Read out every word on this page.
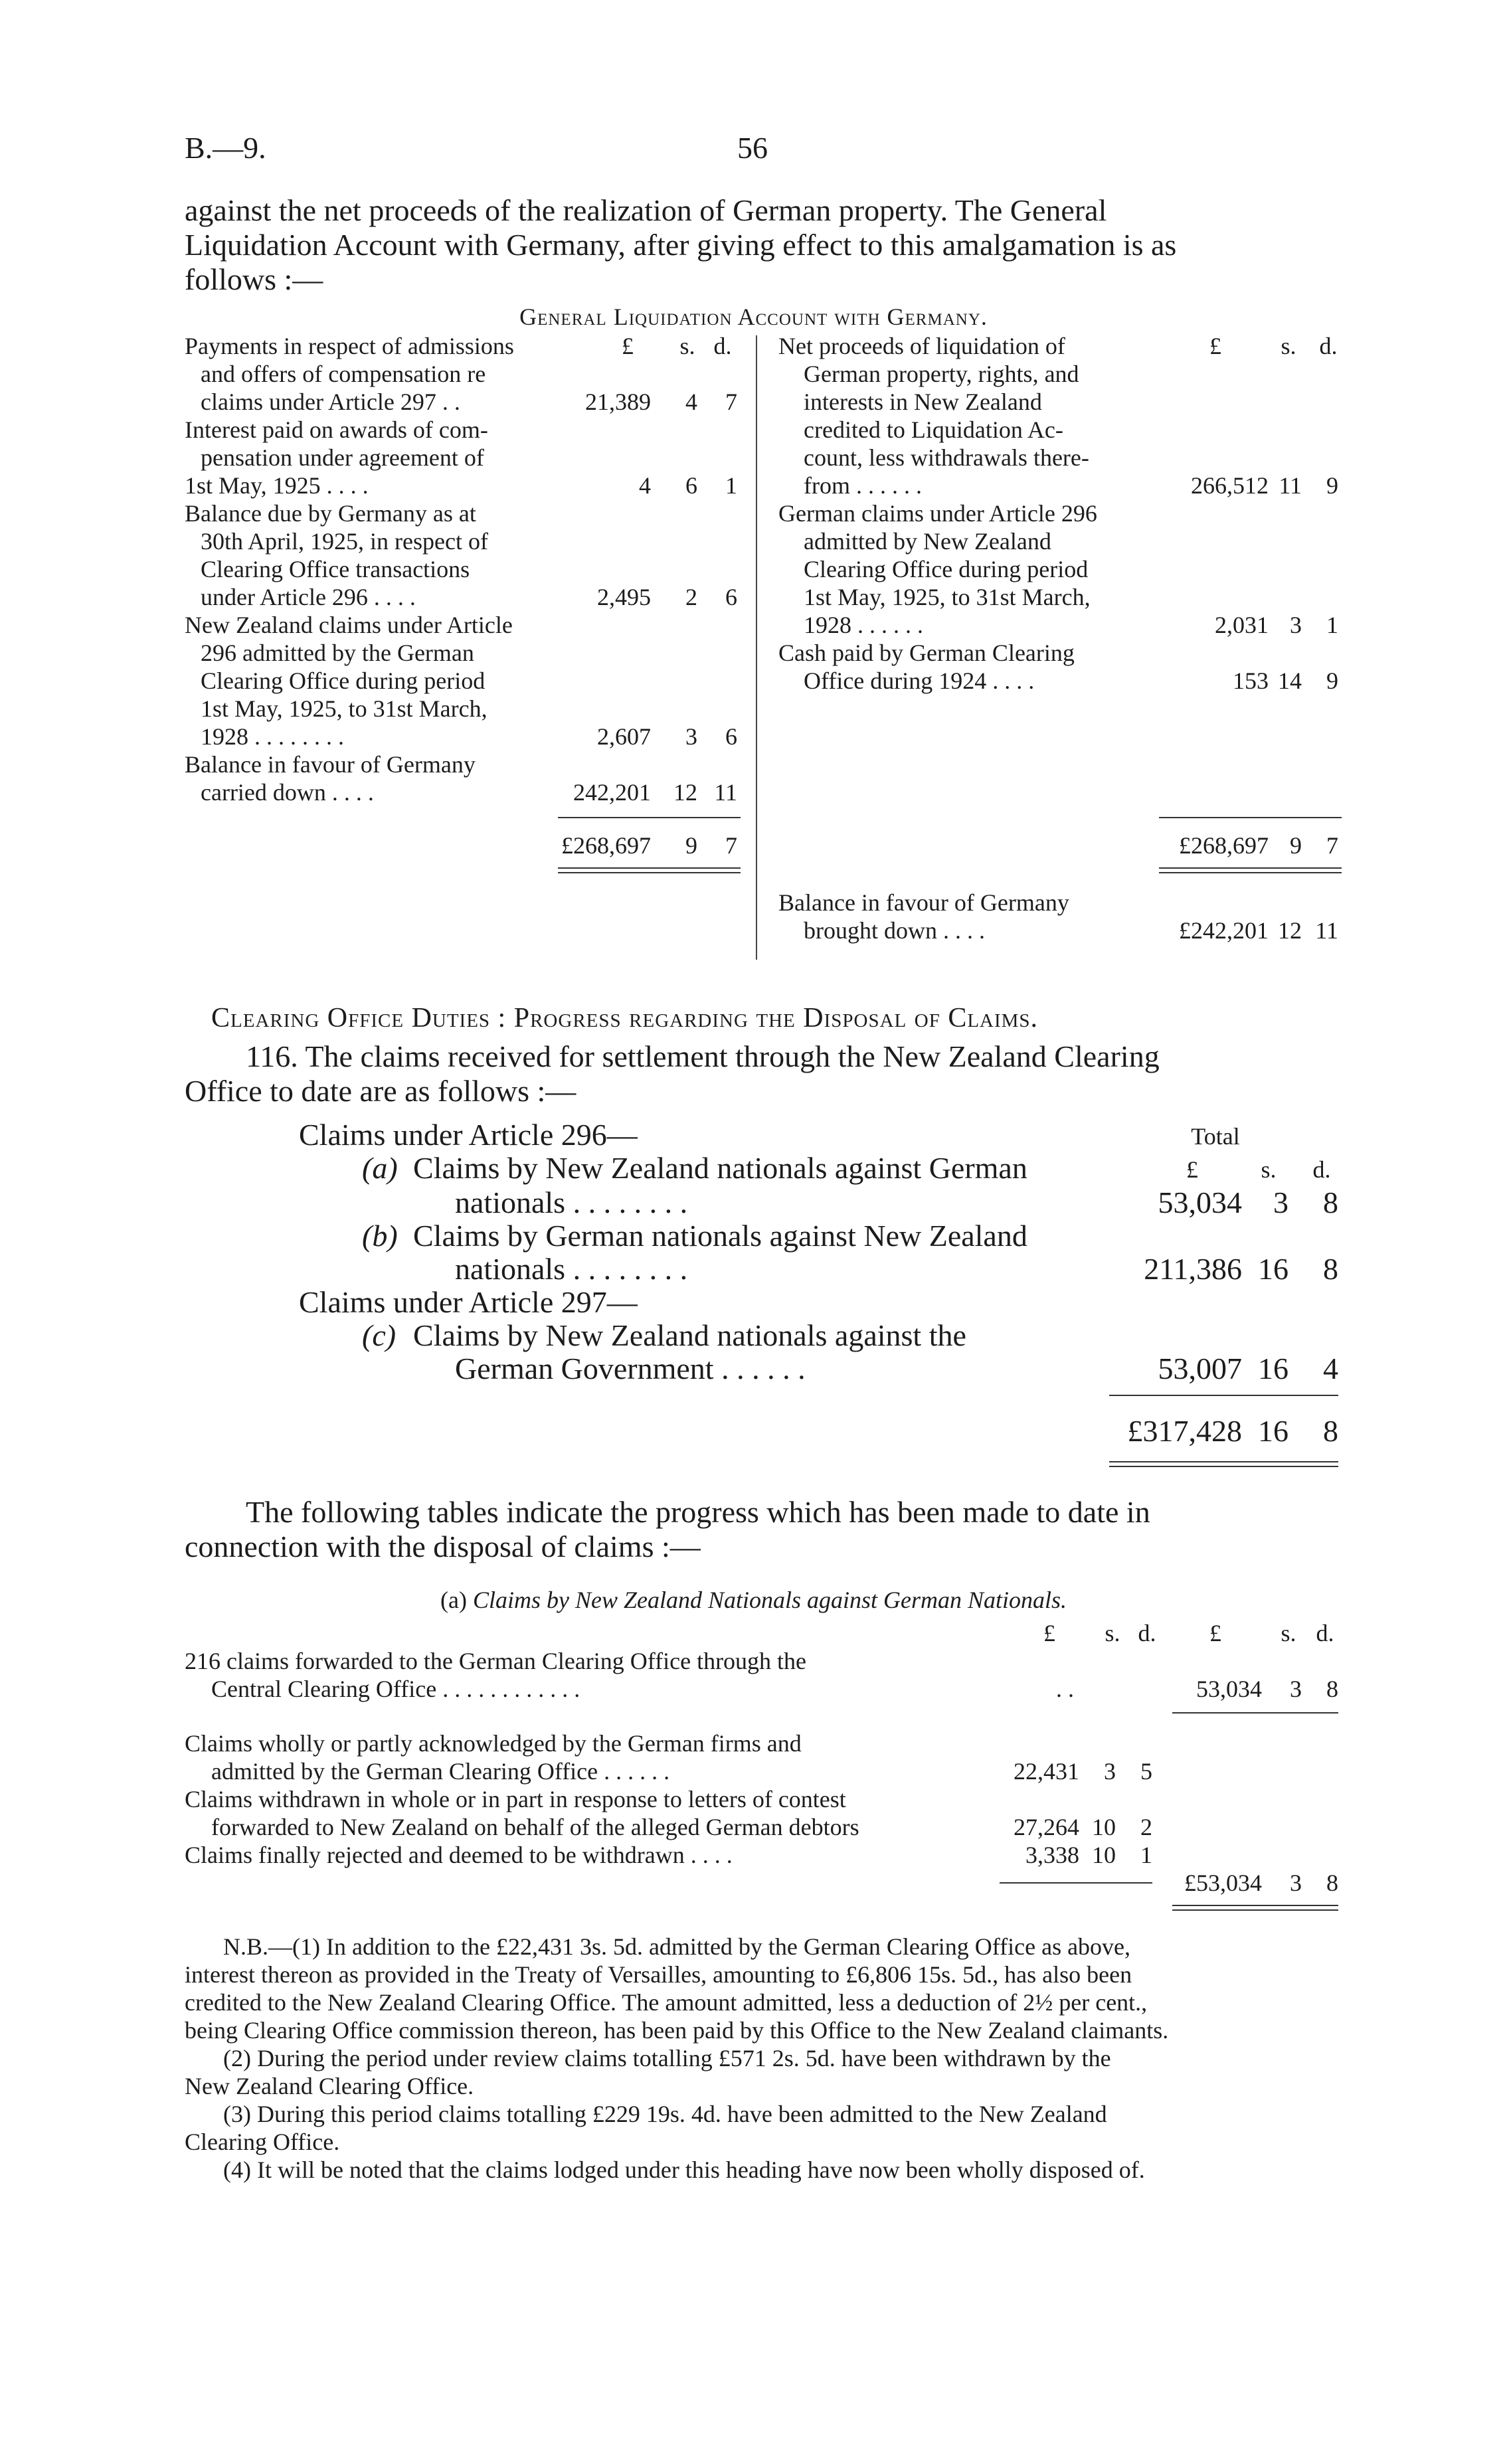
B.—9.	56
against the net proceeds of the realization of German property. The General
Liquidation Account with Germany, after giving effect to this amalgamation is as
follows :—
General Liquidation Account with Germany.
£	s. d.	£	s. d.
Payments in respect of admissions
and offers of compensation re
claims under Article 297 . .	21,389	4	7
Interest paid on awards of com-
pensation under agreement of
1st May, 1925 . . . .	4	6	1
Balance due by Germany as at
30th April, 1925, in respect of
Clearing Office transactions
under Article 296 . . . .	2,495	2	6
New Zealand claims under Article
296 admitted by the German
Clearing Office during period
1st May, 1925, to 31st March,
1928 . . . . . . . .	2,607	3	6
Balance in favour of Germany
carried down . . . .	242,201 12 11
£268,697	9	7
Net proceeds of liquidation of
German property, rights, and
interests in New Zealand
credited to Liquidation Ac-
count, less withdrawals there-
from . . . . . .	266,512 11	9
German claims under Article 296
admitted by New Zealand
Clearing Office during period
1st May, 1925, to 31st March,
1928 . . . . . .	2,031 3	1
Cash paid by German Clearing
Office during 1924 . . . .	153 14	9
£268,697 9	7
Balance in favour of Germany
brought down . . . .	£242,201 12 11
Clearing Office Duties : Progress regarding the Disposal of Claims.
116. The claims received for settlement through the New Zealand Clearing
Office to date are as follows :—
Total
£	s. d.
Claims under Article 296—
(a) Claims by New Zealand nationals against German
nationals . . . . . . . .	53,034	3	8
(b) Claims by German nationals against New Zealand
nationals . . . . . . . .	211,386 16	8
Claims under Article 297—
(c) Claims by New Zealand nationals against the
German Government . . . . . .	53,007 16	4
£317,428 16	8
The following tables indicate the progress which has been made to date in
connection with the disposal of claims :—
(a) Claims by New Zealand Nationals against German Nationals.
£	s. d.	£	s. d.
216 claims forwarded to the German Clearing Office through the
Central Clearing Office . . . . . . . . . . . .	. .	53,034	3	8
Claims wholly or partly acknowledged by the German firms and
admitted by the German Clearing Office . . . . . .	22,431	3	5
Claims withdrawn in whole or in part in response to letters of contest
forwarded to New Zealand on behalf of the alleged German debtors	27,264 10	2
Claims finally rejected and deemed to be withdrawn . . . .	3,338 10	1
£53,034	3	8
N.B.—(1) In addition to the £22,431 3s. 5d. admitted by the German Clearing Office as above,
interest thereon as provided in the Treaty of Versailles, amounting to £6,806 15s. 5d., has also been
credited to the New Zealand Clearing Office. The amount admitted, less a deduction of 2½ per cent.,
being Clearing Office commission thereon, has been paid by this Office to the New Zealand claimants.
(2) During the period under review claims totalling £571 2s. 5d. have been withdrawn by the
New Zealand Clearing Office.
(3) During this period claims totalling £229 19s. 4d. have been admitted to the New Zealand
Clearing Office.
(4) It will be noted that the claims lodged under this heading have now been wholly disposed of.
